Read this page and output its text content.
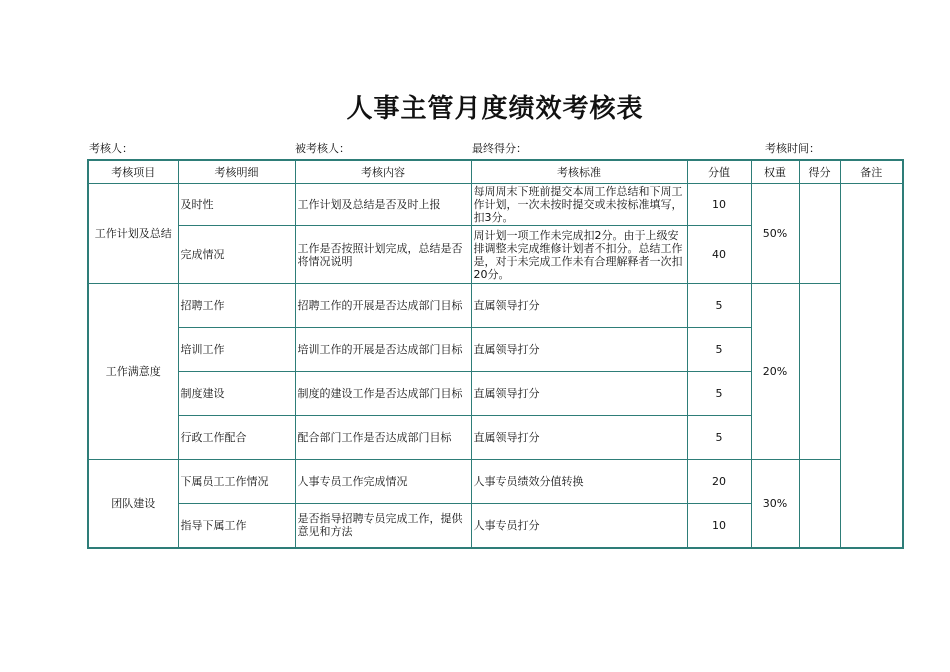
人事主管月度绩效考核表
考核人：	被考核人：	最终得分：	考核时间：
考核项目	考核明细	考核内容	考核标准	分值	权重	得分	备注
工作计划及总结	及时性	工作计划及总结是否及时上报	每周周末下班前提交本周工作总结和下周工作计划，一次未按时提交或未按标准填写，扣3分。	10	50%		
	完成情况	工作是否按照计划完成，总结是否将情况说明	周计划一项工作未完成扣2分。由于上级安排调整未完成维修计划者不扣分。总结工作是，对于未完成工作未有合理解释者一次扣20分。	40			
工作满意度	招聘工作	招聘工作的开展是否达成部门目标	直属领导打分	5	20%		
	培训工作	培训工作的开展是否达成部门目标	直属领导打分	5			
	制度建设	制度的建设工作是否达成部门目标	直属领导打分	5			
	行政工作配合	配合部门工作是否达成部门目标	直属领导打分	5			
团队建设	下属员工工作情况	人事专员工作完成情况	人事专员绩效分值转换	20	30%		
	指导下属工作	是否指导招聘专员完成工作，提供意见和方法	人事专员打分	10			
